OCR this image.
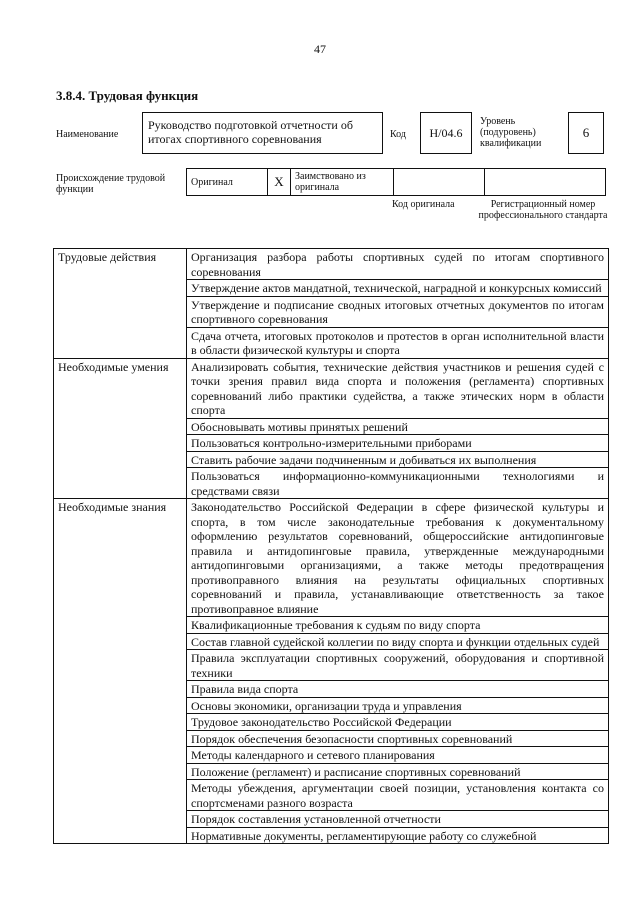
47
3.8.4. Трудовая функция
Наименование
Руководство подготовкой отчетности об итогах спортивного соревнования	Код Н/04.6
Уровень (подуровень) квалификации
6
Происхождение трудовой функции
Оригинал	X	Заимствовано из оригинала		
Код оригинала	Регистрационный номер профессионального стандарта
Трудовые действия	Организация разбора работы спортивных судей по итогам спортивного соревнования
	Утверждение актов мандатной, технической, наградной и конкурсных комиссий
	Утверждение и подписание сводных итоговых отчетных документов по итогам спортивного соревнования
	Сдача отчета, итоговых протоколов и протестов в орган исполнительной власти в области физической культуры и спорта
Необходимые умения	Анализировать события, технические действия участников и решения судей с точки зрения правил вида спорта и положения (регламента) спортивных соревнований либо практики судейства, а также этических норм в области спорта
	Обосновывать мотивы принятых решений
	Пользоваться контрольно-измерительными приборами
	Ставить рабочие задачи подчиненным и добиваться их выполнения
	Пользоваться информационно-коммуникационными технологиями и средствами связи
Необходимые знания	Законодательство Российской Федерации в сфере физической культуры и спорта, в том числе законодательные требования к документальному оформлению результатов соревнований, общероссийские антидопинговые правила и антидопинговые правила, утвержденные международными антидопинговыми организациями, а также методы предотвращения противоправного влияния на результаты официальных спортивных соревнований и правила, устанавливающие ответственность за такое противоправное влияние
	Квалификационные требования к судьям по виду спорта
	Состав главной судейской коллегии по виду спорта и функции отдельных судей
	Правила эксплуатации спортивных сооружений, оборудования и спортивной техники
	Правила вида спорта
	Основы экономики, организации труда и управления
	Трудовое законодательство Российской Федерации
	Порядок обеспечения безопасности спортивных соревнований
	Методы календарного и сетевого планирования
	Положение (регламент) и расписание спортивных соревнований
	Методы убеждения, аргументации своей позиции, установления контакта со спортсменами разного возраста
	Порядок составления установленной отчетности
	Нормативные документы, регламентирующие работу со служебной
